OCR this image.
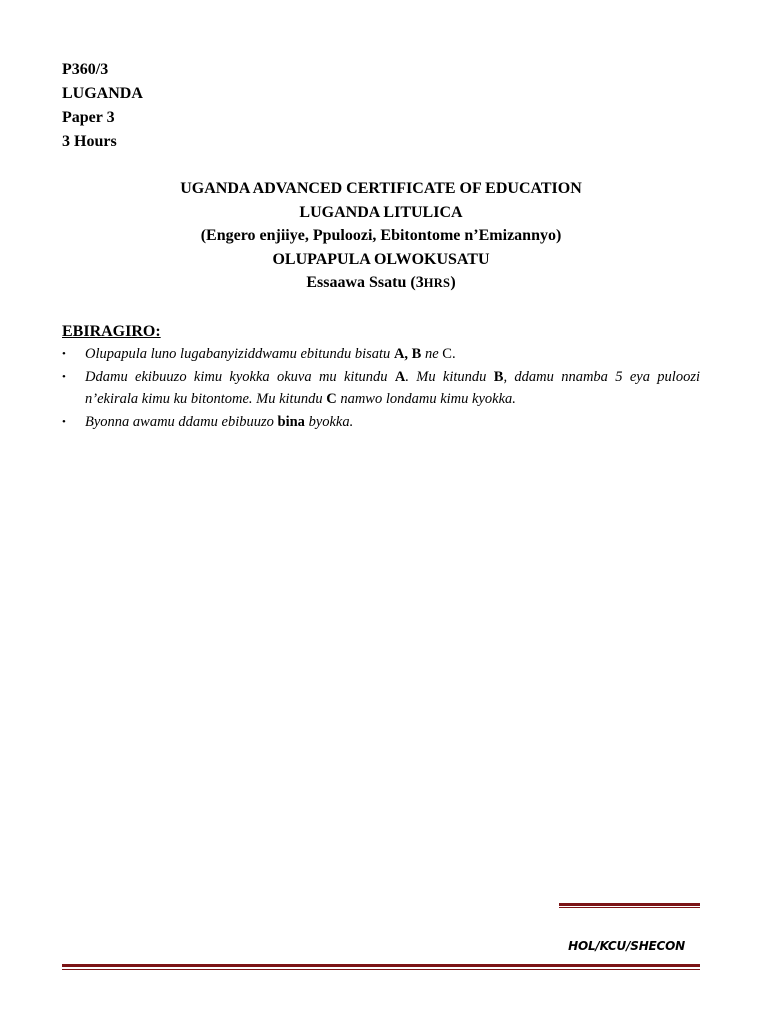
P360/3
LUGANDA
Paper 3
3 Hours
UGANDA ADVANCED CERTIFICATE OF EDUCATION
LUGANDA LITULICA
(Engero enjiiye, Ppuloozi, Ebitontome n’Emizannyo)
OLUPAPULA OLWOKUSATU
Essaawa Ssatu (3HRS)
EBIRAGIRO:
• Olupapula luno lugabanyiziddwamu ebitundu bisatu A, B ne C.
• Ddamu ekibuuzo kimu kyokka okuva mu kitundu A. Mu kitundu B, ddamu nnamba 5 eya puloozi n’ekirala kimu ku bitontome. Mu kitundu C namwo londamu kimu kyokka.
• Byonna awamu ddamu ebibuuzo bina byokka.
HOL/KCU/SHECON
